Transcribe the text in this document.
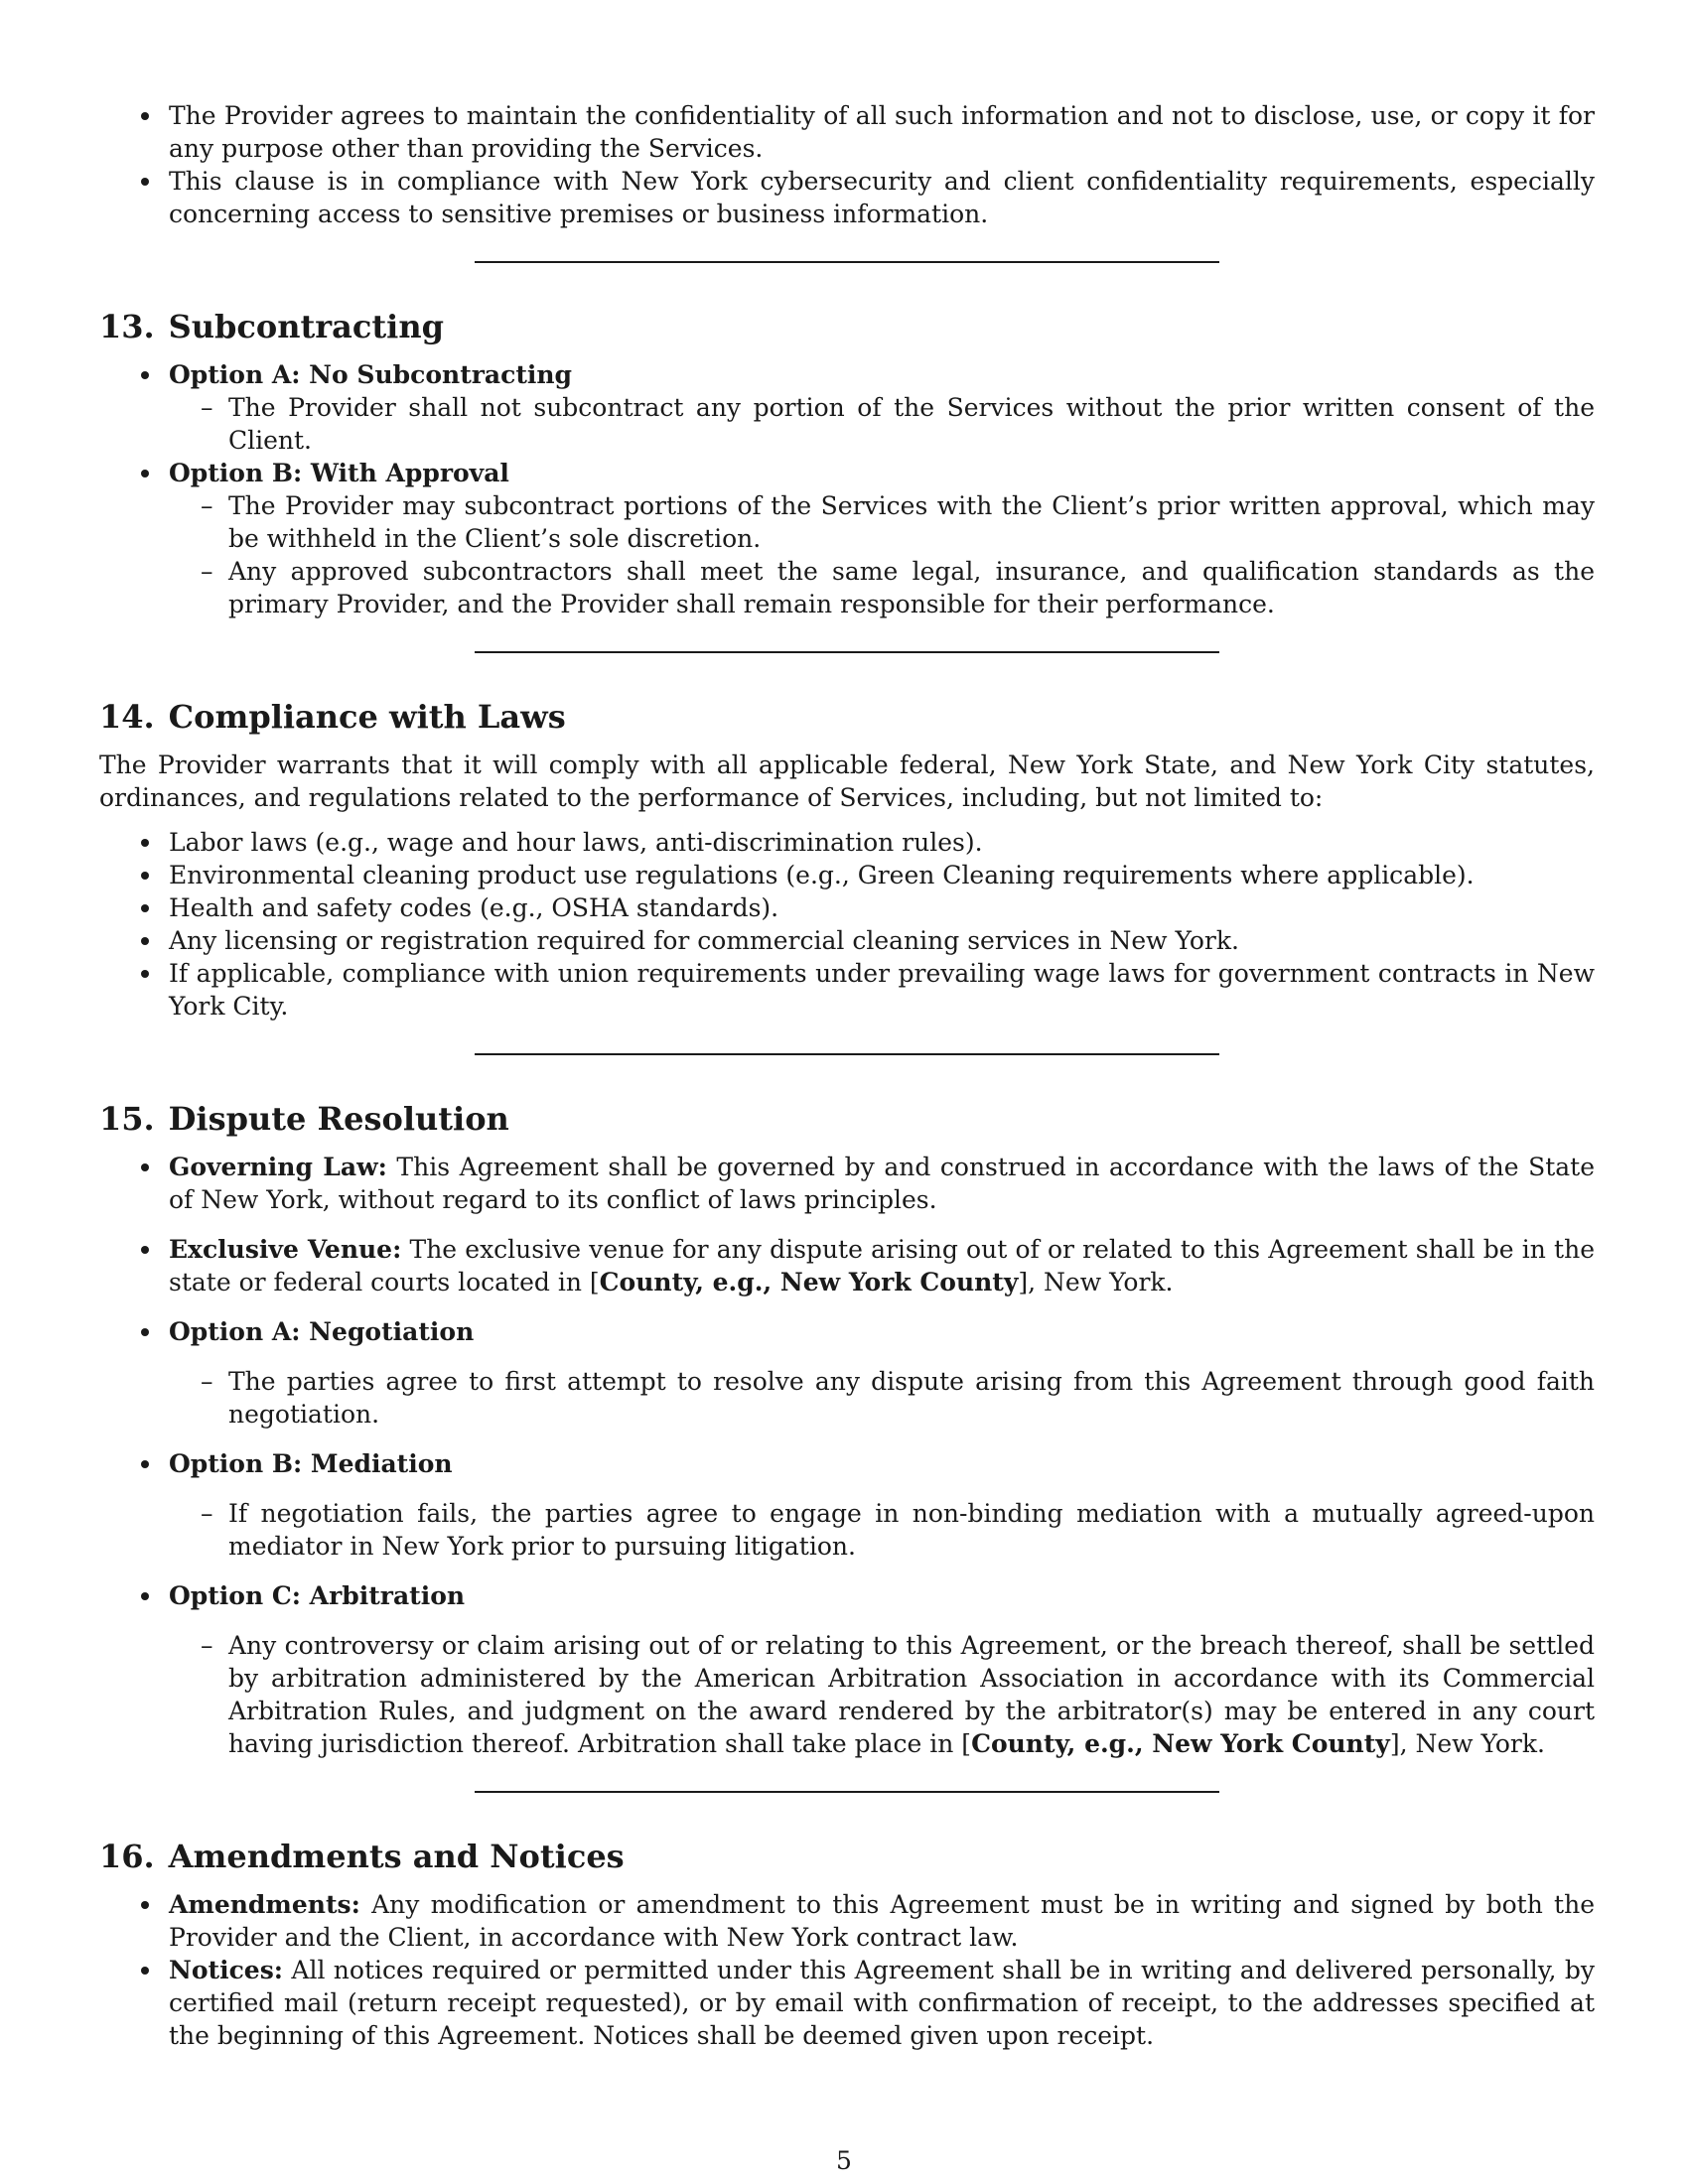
The Provider agrees to maintain the confidentiality of all such information and not to disclose, use, or copy it for any purpose other than providing the Services.
This clause is in compliance with New York cybersecurity and client confidentiality requirements, especially concerning access to sensitive premises or business information.
13. Subcontracting
Option A: No Subcontracting
– The Provider shall not subcontract any portion of the Services without the prior written consent of the Client.
Option B: With Approval
– The Provider may subcontract portions of the Services with the Client’s prior written approval, which may be withheld in the Client’s sole discretion.
– Any approved subcontractors shall meet the same legal, insurance, and qualification standards as the primary Provider, and the Provider shall remain responsible for their performance.
14. Compliance with Laws

The Provider warrants that it will comply with all applicable federal, New York State, and New York City statutes, ordinances, and regulations related to the performance of Services, including, but not limited to:

Labor laws (e.g., wage and hour laws, anti-discrimination rules).
Environmental cleaning product use regulations (e.g., Green Cleaning requirements where applicable).
Health and safety codes (e.g., OSHA standards).
Any licensing or registration required for commercial cleaning services in New York.
If applicable, compliance with union requirements under prevailing wage laws for government contracts in New York City.
15. Dispute Resolution
Governing Law: This Agreement shall be governed by and construed in accordance with the laws of the State of New York, without regard to its conflict of laws principles.
Exclusive Venue: The exclusive venue for any dispute arising out of or related to this Agreement shall be in the state or federal courts located in [County, e.g., New York County], New York.
Option A: Negotiation
– The parties agree to first attempt to resolve any dispute arising from this Agreement through good faith negotiation.
Option B: Mediation
– If negotiation fails, the parties agree to engage in non-binding mediation with a mutually agreed-upon mediator in New York prior to pursuing litigation.
Option C: Arbitration
– Any controversy or claim arising out of or relating to this Agreement, or the breach thereof, shall be settled by arbitration administered by the American Arbitration Association in accordance with its Commercial Arbitration Rules, and judgment on the award rendered by the arbitrator(s) may be entered in any court having jurisdiction thereof. Arbitration shall take place in [County, e.g., New York County], New York.
16. Amendments and Notices
Amendments: Any modification or amendment to this Agreement must be in writing and signed by both the Provider and the Client, in accordance with New York contract law.
Notices: All notices required or permitted under this Agreement shall be in writing and delivered personally, by certified mail (return receipt requested), or by email with confirmation of receipt, to the addresses specified at the beginning of this Agreement. Notices shall be deemed given upon receipt.
5
